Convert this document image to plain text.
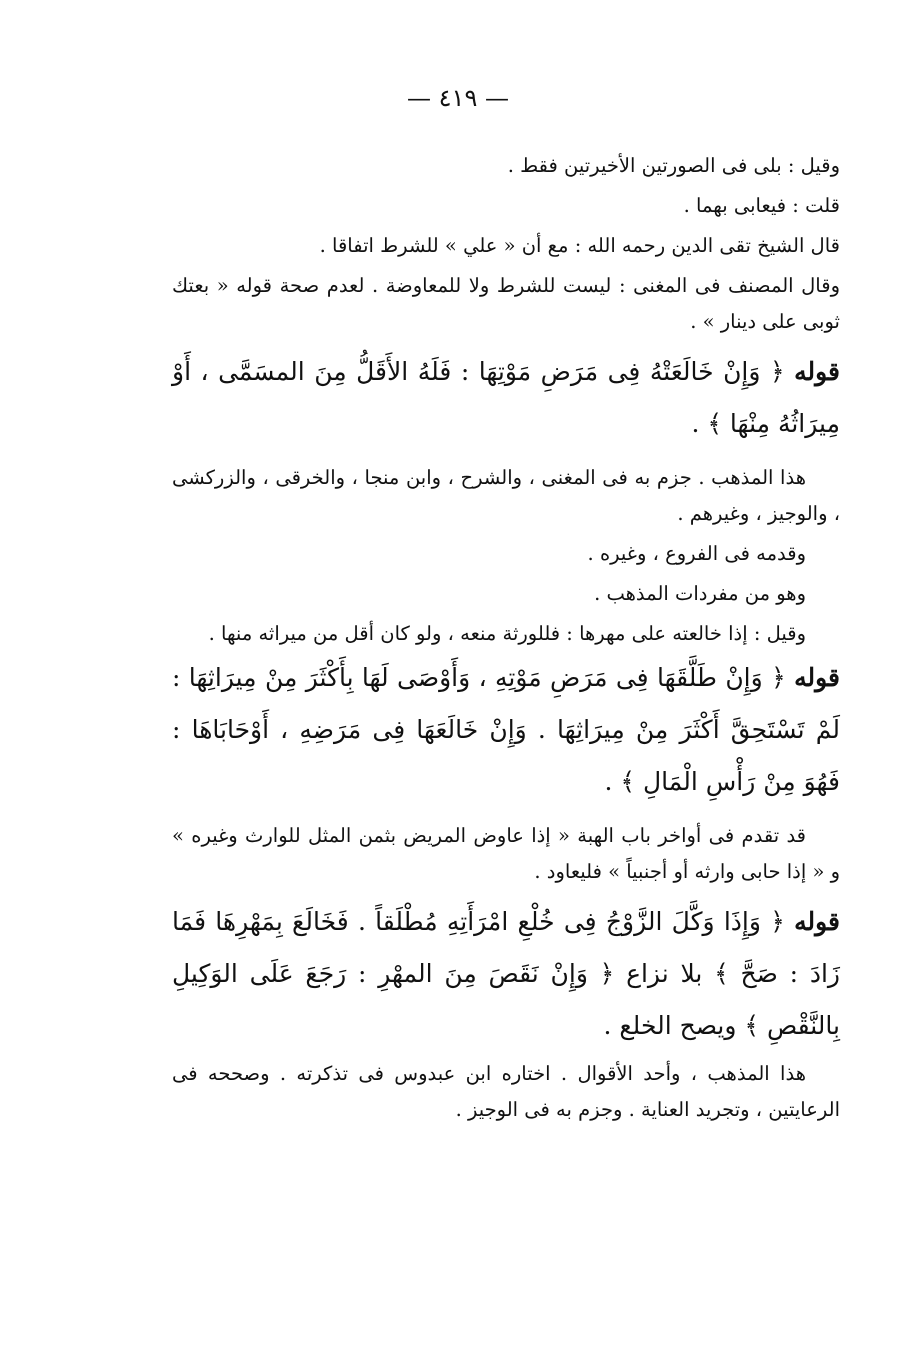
— ٤١٩ —

وقيل : بلى فى الصورتين الأخيرتين فقط .

قلت : فيعابى بهما .

قال الشيخ تقى الدين رحمه الله : مع أن « علي » للشرط اتفاقا .

وقال المصنف فى المغنى : ليست للشرط ولا للمعاوضة . لعدم صحة قوله « بعتك ثوبى على دينار » .

قوله ﴿ وَإِنْ خَالَعَتْهُ فِى مَرَضِ مَوْتِهَا : فَلَهُ الأَقَلُّ مِنَ المسَمَّى ، أَوْ مِيرَاثُهُ مِنْهَا ﴾ .

هذا المذهب . جزم به فى المغنى ، والشرح ، وابن منجا ، والخرقى ، والزركشى ، والوجيز ، وغيرهم .

وقدمه فى الفروع ، وغيره .

وهو من مفردات المذهب .

وقيل : إذا خالعته على مهرها : فللورثة منعه ، ولو كان أقل من ميراثه منها .

قوله ﴿ وَإِنْ طَلَّقَهَا فِى مَرَضِ مَوْتِهِ ، وَأَوْصَى لَهَا بِأَكْثَرَ مِنْ مِيرَاثِهَا : لَمْ تَسْتَحِقَّ أَكْثَرَ مِنْ مِيرَاثِهَا . وَإِنْ خَالَعَهَا فِى مَرَضِهِ ، أَوْحَابَاهَا : فَهُوَ مِنْ رَأْسِ الْمَالِ ﴾ .

قد تقدم فى أواخر باب الهبة « إذا عاوض المريض بثمن المثل للوارث وغيره » و « إذا حابى وارثه أو أجنبياً » فليعاود .

قوله ﴿ وَإِذَا وَكَّلَ الزَّوْجُ فِى خُلْعِ امْرَأَتِهِ مُطْلَقاً . فَخَالَعَ بِمَهْرِهَا فَمَا زَادَ : صَحَّ ﴾ بلا نزاع ﴿ وَإِنْ نَقَصَ مِنَ المهْرِ : رَجَعَ عَلَى الوَكِيلِ بِالنَّقْصِ ﴾ ويصح الخلع .

هذا المذهب ، وأحد الأقوال . اختاره ابن عبدوس فى تذكرته . وصححه فى الرعايتين ، وتجريد العناية . وجزم به فى الوجيز .
